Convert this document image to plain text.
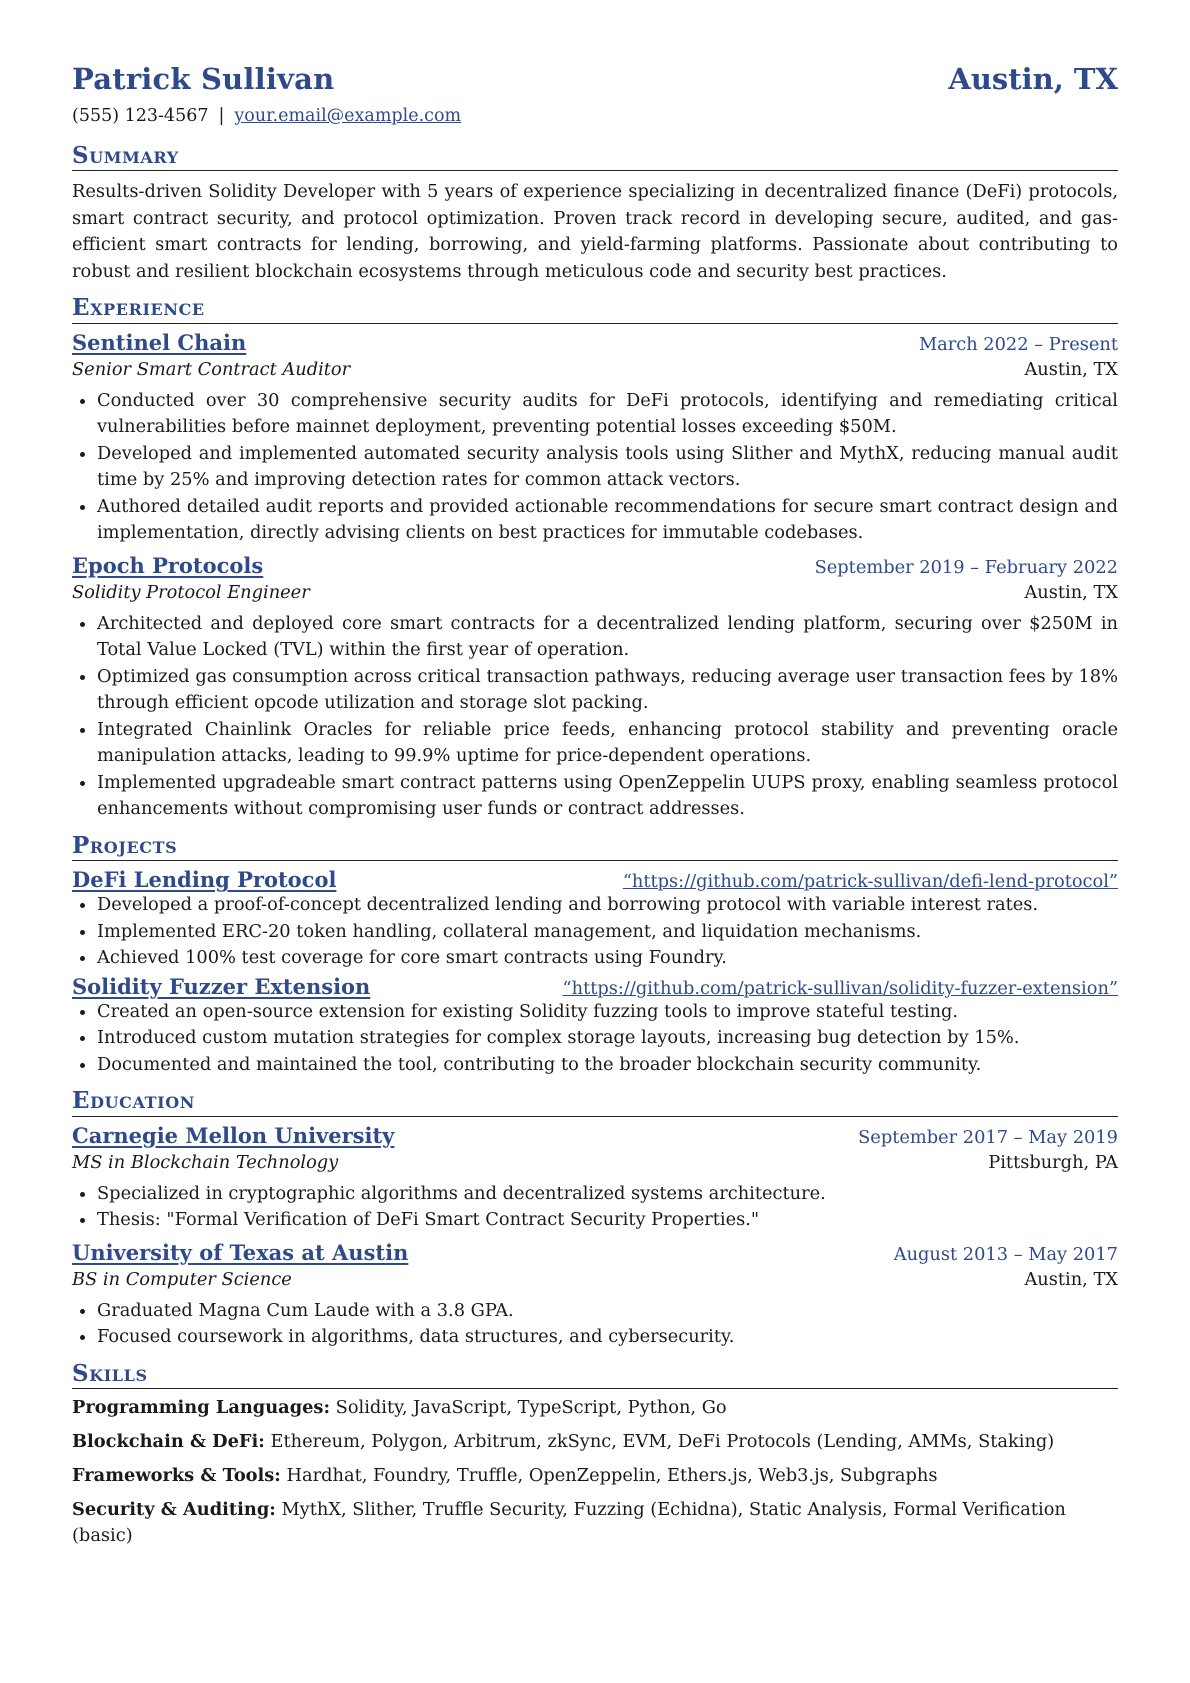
Patrick Sullivan	Austin, TX
(555) 123-4567 | your.email@example.com
Summary
Results-driven Solidity Developer with 5 years of experience specializing in decentralized finance (DeFi) protocols, smart contract security, and protocol optimization. Proven track record in developing secure, audited, and gas-efficient smart contracts for lending, borrowing, and yield-farming platforms. Passionate about contributing to robust and resilient blockchain ecosystems through meticulous code and security best practices.
Experience
Sentinel Chain	March 2022 – Present
Senior Smart Contract Auditor	Austin, TX
• Conducted over 30 comprehensive security audits for DeFi protocols, identifying and remediating critical vulnerabilities before mainnet deployment, preventing potential losses exceeding $50M.
• Developed and implemented automated security analysis tools using Slither and MythX, reducing manual audit time by 25% and improving detection rates for common attack vectors.
• Authored detailed audit reports and provided actionable recommendations for secure smart contract design and implementation, directly advising clients on best practices for immutable codebases.
Epoch Protocols	September 2019 – February 2022
Solidity Protocol Engineer	Austin, TX
• Architected and deployed core smart contracts for a decentralized lending platform, securing over $250M in Total Value Locked (TVL) within the first year of operation.
• Optimized gas consumption across critical transaction pathways, reducing average user transaction fees by 18% through efficient opcode utilization and storage slot packing.
• Integrated Chainlink Oracles for reliable price feeds, enhancing protocol stability and preventing oracle manipulation attacks, leading to 99.9% uptime for price-dependent operations.
• Implemented upgradeable smart contract patterns using OpenZeppelin UUPS proxy, enabling seamless protocol enhancements without compromising user funds or contract addresses.
Projects
DeFi Lending Protocol	“https://github.com/patrick-sullivan/defi-lend-protocol”
• Developed a proof-of-concept decentralized lending and borrowing protocol with variable interest rates.
• Implemented ERC-20 token handling, collateral management, and liquidation mechanisms.
• Achieved 100% test coverage for core smart contracts using Foundry.
Solidity Fuzzer Extension	“https://github.com/patrick-sullivan/solidity-fuzzer-extension”
• Created an open-source extension for existing Solidity fuzzing tools to improve stateful testing.
• Introduced custom mutation strategies for complex storage layouts, increasing bug detection by 15%.
• Documented and maintained the tool, contributing to the broader blockchain security community.
Education
Carnegie Mellon University	September 2017 – May 2019
MS in Blockchain Technology	Pittsburgh, PA
• Specialized in cryptographic algorithms and decentralized systems architecture.
• Thesis: "Formal Verification of DeFi Smart Contract Security Properties."
University of Texas at Austin	August 2013 – May 2017
BS in Computer Science	Austin, TX
• Graduated Magna Cum Laude with a 3.8 GPA.
• Focused coursework in algorithms, data structures, and cybersecurity.
Skills
Programming Languages: Solidity, JavaScript, TypeScript, Python, Go
Blockchain & DeFi: Ethereum, Polygon, Arbitrum, zkSync, EVM, DeFi Protocols (Lending, AMMs, Staking)
Frameworks & Tools: Hardhat, Foundry, Truffle, OpenZeppelin, Ethers.js, Web3.js, Subgraphs
Security & Auditing: MythX, Slither, Truffle Security, Fuzzing (Echidna), Static Analysis, Formal Verification (basic)
